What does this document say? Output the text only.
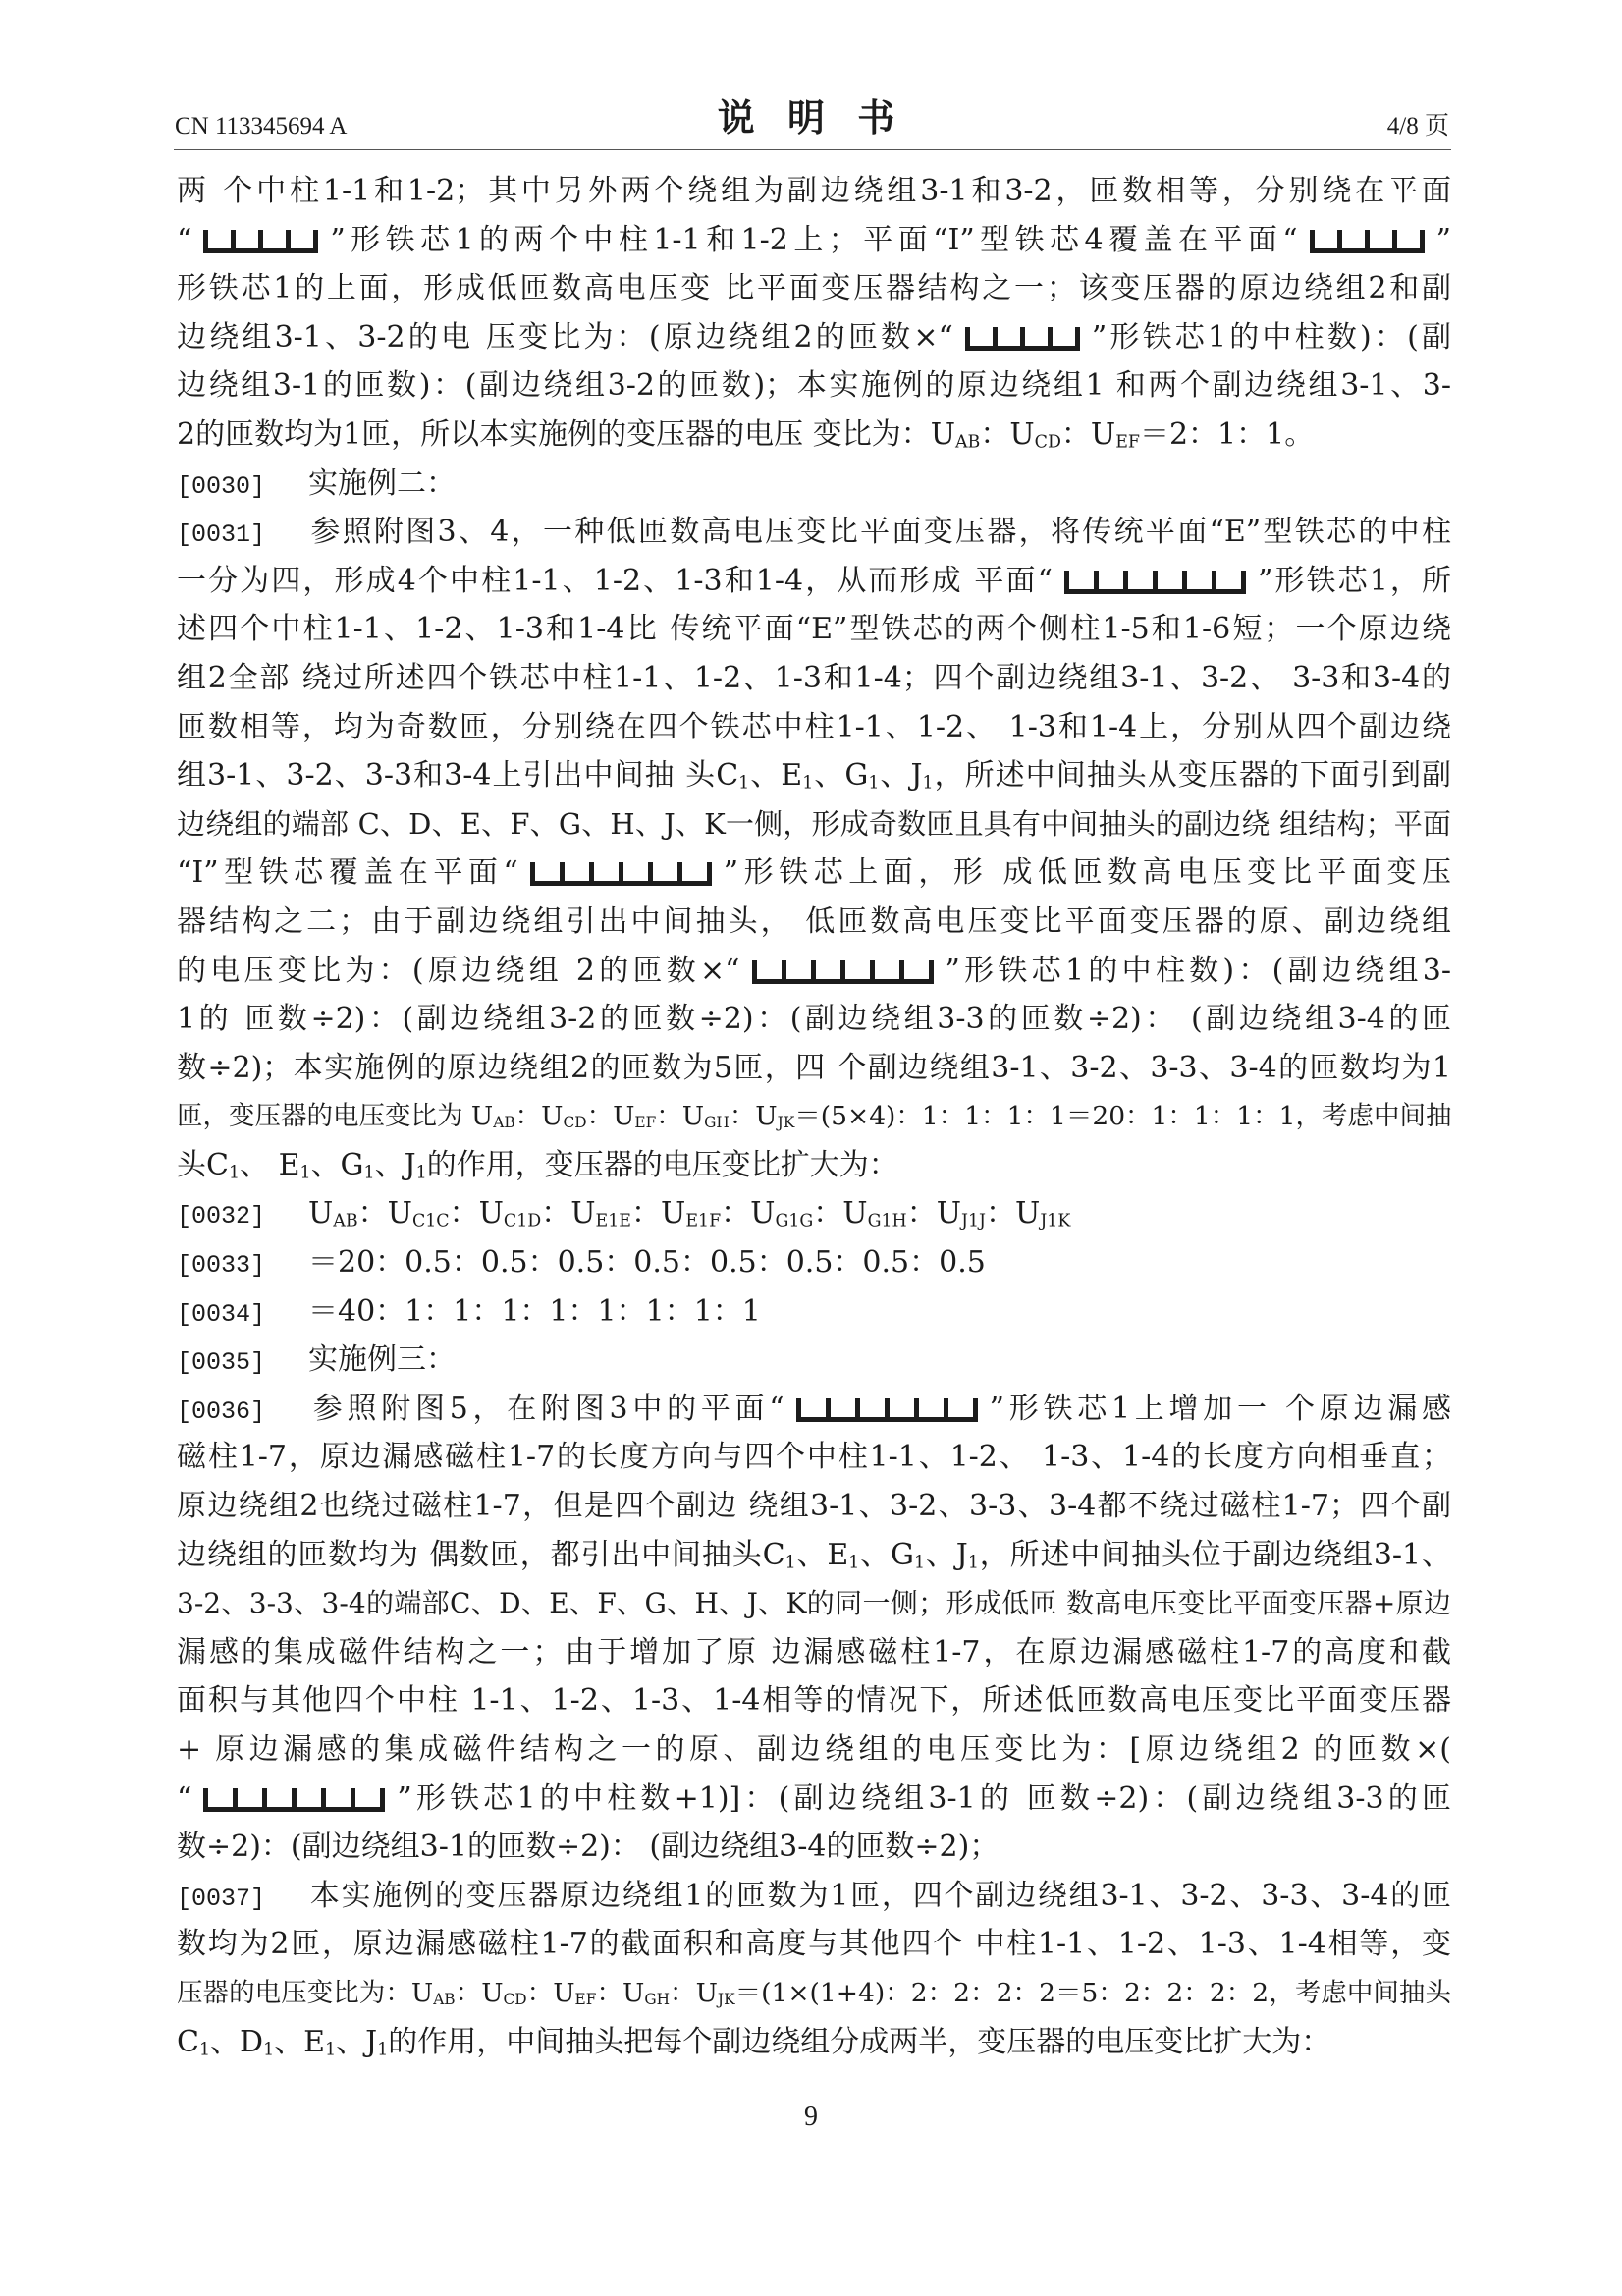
CN 113345694 A	说 明 书	4/8 页
两 个中柱1-1和1-2；其中另外两个绕组为副边绕组3-1和3-2，匝数相等，分别绕在平面
“	”形铁芯1的两个中柱1-1和1-2上；平面“I”型铁芯4覆盖在平面“	”
形铁芯1的上面，形成低匝数高电压变 比平面变压器结构之一；该变压器的原边绕组2和副
边绕组3-1、3-2的电 压变比为：(原边绕组2的匝数×“	”形铁芯1的中柱数)：(副
边绕组3-1的匝数)：(副边绕组3-2的匝数)；本实施例的原边绕组1 和两个副边绕组3-1、3-
2的匝数均为1匝，所以本实施例的变压器的电压 变比为：$U_{AB}$：$U_{CD}$：$U_{EF}=2$：1：1。
[0030] 实施例二：
[0031] 参照附图3、4，一种低匝数高电压变比平面变压器，将传统平面“E”型铁芯的中柱
一分为四，形成4个中柱1-1、1-2、1-3和1-4，从而形成 平面“	”形铁芯1，所
述四个中柱1-1、1-2、1-3和1-4比 传统平面“E”型铁芯的两个侧柱1-5和1-6短；一个原边绕
组2全部 绕过所述四个铁芯中柱1-1、1-2、1-3和1-4；四个副边绕组3-1、3-2、 3-3和3-4的
匝数相等，均为奇数匝，分别绕在四个铁芯中柱1-1、1-2、 1-3和1-4上，分别从四个副边绕
组3-1、3-2、3-3和3-4上引出中间抽 头$C_1$、$E_1$、$G_1$、$J_1$，所述中间抽头从变压器的下面引到副
边绕组的端部 C、D、E、F、G、H、J、K一侧，形成奇数匝且具有中间抽头的副边绕 组结构；平面
“I”型铁芯覆盖在平面“	”形铁芯上面，形 成低匝数高电压变比平面变压
器结构之二；由于副边绕组引出中间抽头， 低匝数高电压变比平面变压器的原、副边绕组
的电压变比为：(原边绕组 2的匝数×“	”形铁芯1的中柱数)：(副边绕组3-
1的 匝数÷2)：(副边绕组3-2的匝数÷2)：(副边绕组3-3的匝数÷2)： (副边绕组3-4的匝
数÷2)；本实施例的原边绕组2的匝数为5匝，四 个副边绕组3-1、3-2、3-3、3-4的匝数均为1
匝，变压器的电压变比为 $U_{AB}$：$U_{CD}$：$U_{EF}$：$U_{GH}$：$U_{JK}=(5\times 4)$：1：1：1：1＝20：1：1：1：1，考虑中间抽
头$C_1$、 $E_1$、$G_1$、$J_1$的作用，变压器的电压变比扩大为：
[0032] $U_{AB}$：$U_{C1C}$：$U_{C1D}$：$U_{E1E}$：$U_{E1F}$：$U_{G1G}$：$U_{G1H}$：$U_{J1J}$：$U_{J1K}$
[0033] ＝20：0.5：0.5：0.5：0.5：0.5：0.5：0.5：0.5
[0034] ＝40：1：1：1：1：1：1：1：1
[0035] 实施例三：
[0036] 参照附图5，在附图3中的平面“	”形铁芯1上增加一 个原边漏感
磁柱1-7，原边漏感磁柱1-7的长度方向与四个中柱1-1、1-2、 1-3、1-4的长度方向相垂直；
原边绕组2也绕过磁柱1-7，但是四个副边 绕组3-1、3-2、3-3、3-4都不绕过磁柱1-7；四个副
边绕组的匝数均为 偶数匝，都引出中间抽头$C_1$、$E_1$、$G_1$、$J_1$，所述中间抽头位于副边绕组3-1、
3-2、3-3、3-4的端部C、D、E、F、G、H、J、K的同一侧；形成低匝 数高电压变比平面变压器+原边
漏感的集成磁件结构之一；由于增加了原 边漏感磁柱1-7，在原边漏感磁柱1-7的高度和截
面积与其他四个中柱 1-1、1-2、1-3、1-4相等的情况下，所述低匝数高电压变比平面变压器
+ 原边漏感的集成磁件结构之一的原、副边绕组的电压变比为：[原边绕组2 的匝数×(
“	”形铁芯1的中柱数+1)]：(副边绕组3-1的 匝数÷2)：(副边绕组3-3的匝
数÷2)：(副边绕组3-1的匝数÷2)： (副边绕组3-4的匝数÷2)；
[0037] 本实施例的变压器原边绕组1的匝数为1匝，四个副边绕组3-1、3-2、3-3、3-4的匝
数均为2匝，原边漏感磁柱1-7的截面积和高度与其他四个 中柱1-1、1-2、1-3、1-4相等，变
压器的电压变比为：$U_{AB}$：$U_{CD}$：$U_{EF}$：$U_{GH}$：$U_{JK}=(1\times(1+4)$：2：2：2：2＝5：2：2：2：2，考虑中间抽头
$C_1$、$D_1$、$E_1$、$J_1$的作用，中间抽头把每个副边绕组分成两半，变压器的电压变比扩大为：
9
